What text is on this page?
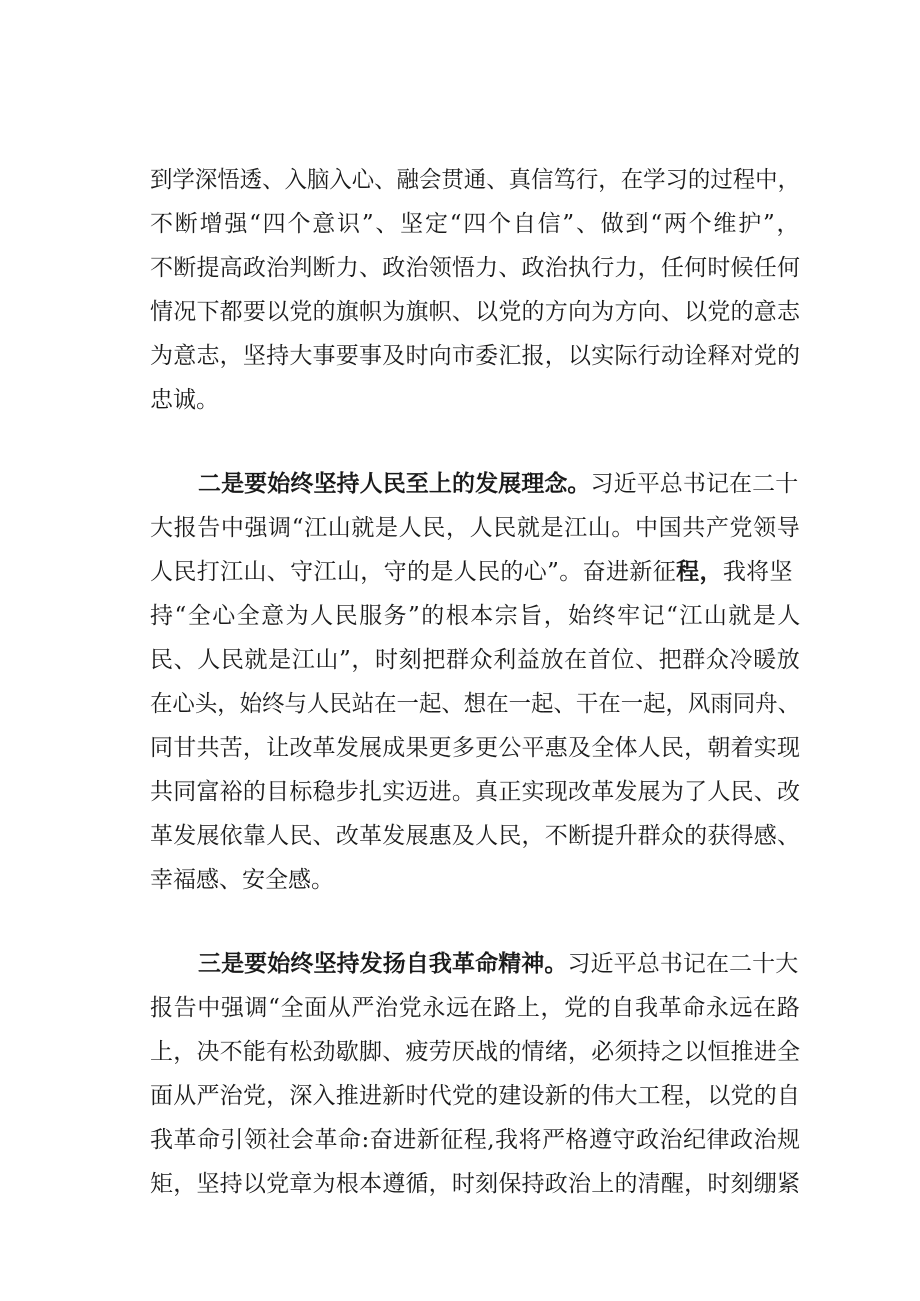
到学深悟透、入脑入心、融会贯通、真信笃行，在学习的过程中，
不断增强“四个意识”、坚定“四个自信”、做到“两个维护”，
不断提高政治判断力、政治领悟力、政治执行力，任何时候任何
情况下都要以党的旗帜为旗帜、以党的方向为方向、以党的意志
为意志，坚持大事要事及时向市委汇报，以实际行动诠释对党的
忠诚。
二是要始终坚持人民至上的发展理念。习近平总书记在二十
大报告中强调“江山就是人民，人民就是江山。中国共产党领导
人民打江山、守江山，守的是人民的心”。奋进新征程，我将坚
持“全心全意为人民服务”的根本宗旨，始终牢记“江山就是人
民、人民就是江山”，时刻把群众利益放在首位、把群众冷暖放
在心头，始终与人民站在一起、想在一起、干在一起，风雨同舟、
同甘共苦，让改革发展成果更多更公平惠及全体人民，朝着实现
共同富裕的目标稳步扎实迈进。真正实现改革发展为了人民、改
革发展依靠人民、改革发展惠及人民，不断提升群众的获得感、
幸福感、安全感。
三是要始终坚持发扬自我革命精神。习近平总书记在二十大
报告中强调“全面从严治党永远在路上，党的自我革命永远在路
上，决不能有松劲歇脚、疲劳厌战的情绪，必须持之以恒推进全
面从严治党，深入推进新时代党的建设新的伟大工程，以党的自
我革命引领社会革命:奋进新征程,我将严格遵守政治纪律政治规
矩，坚持以党章为根本遵循，时刻保持政治上的清醒，时刻绷紧
